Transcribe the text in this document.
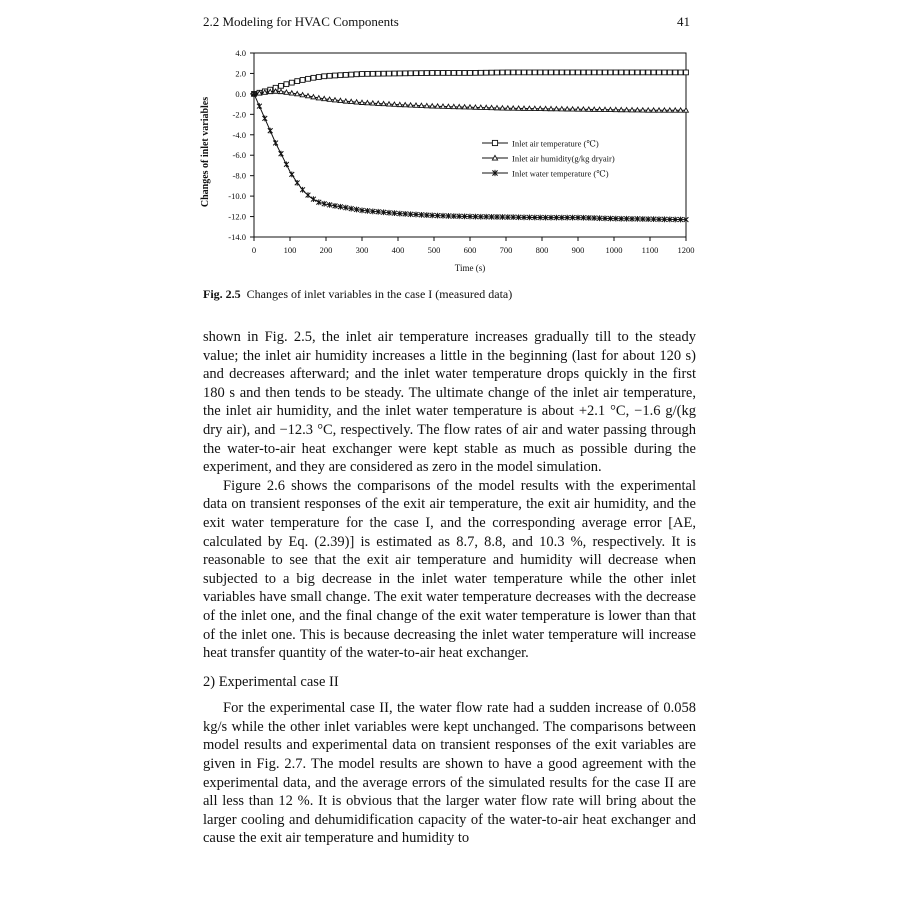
2.2 Modeling for HVAC Components	41
Changes of inlet variables
4.0
2.0
0.0
-2.0
-4.0
-6.0
-8.0
-10.0
-12.0
-14.0
0	100	200	300	400	500	600	700	800	900 1000 1100 1200
Time (s)
Inlet air temperature (℃)
Inlet air humidity(g/kg dryair)
Inlet water temperature (℃)
Fig. 2.5 Changes of inlet variables in the case I (measured data)

shown in Fig. 2.5, the inlet air temperature increases gradually till to the steady value; the inlet air humidity increases a little in the beginning (last for about 120 s) and decreases afterward; and the inlet water temperature drops quickly in the first 180 s and then tends to be steady. The ultimate change of the inlet air temperature, the inlet air humidity, and the inlet water temperature is about +2.1 °C, −1.6 g/(kg dry air), and −12.3 °C, respectively. The flow rates of air and water passing through the water-to-air heat exchanger were kept stable as much as possible during the experiment, and they are considered as zero in the model simulation.

Figure 2.6 shows the comparisons of the model results with the experimental data on transient responses of the exit air temperature, the exit air humidity, and the exit water temperature for the case I, and the corresponding average error [AE, calculated by Eq. (2.39)] is estimated as 8.7, 8.8, and 10.3 %, respectively. It is reasonable to see that the exit air temperature and humidity will decrease when subjected to a big decrease in the inlet water temperature while the other inlet variables have small change. The exit water temperature decreases with the decrease of the inlet one, and the final change of the exit water temperature is lower than that of the inlet one. This is because decreasing the inlet water temperature will increase heat transfer quantity of the water-to-air heat exchanger.

2) Experimental case II

For the experimental case II, the water flow rate had a sudden increase of 0.058 kg/s while the other inlet variables were kept unchanged. The comparisons between model results and experimental data on transient responses of the exit variables are given in Fig. 2.7. The model results are shown to have a good agreement with the experimental data, and the average errors of the simulated results for the case II are all less than 12 %. It is obvious that the larger water flow rate will bring about the larger cooling and dehumidification capacity of the water-to-air heat exchanger and cause the exit air temperature and humidity to
